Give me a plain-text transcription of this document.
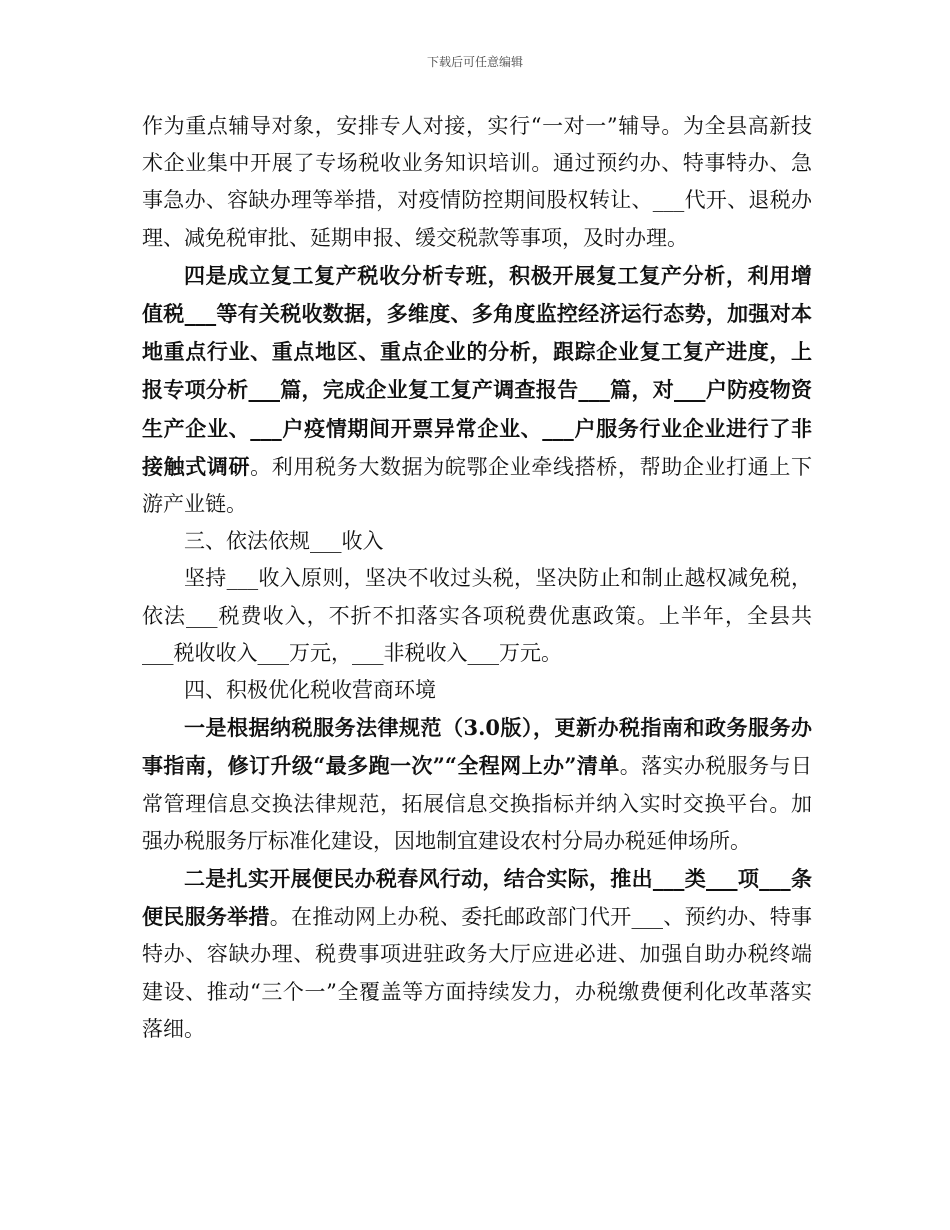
下载后可任意编辑

作为重点辅导对象，安排专人对接，实行“一对一”辅导。为全县高新技术企业集中开展了专场税收业务知识培训。通过预约办、特事特办、急事急办、容缺办理等举措，对疫情防控期间股权转让、___代开、退税办理、减免税审批、延期申报、缓交税款等事项，及时办理。

四是成立复工复产税收分析专班，积极开展复工复产分析，利用增值税___等有关税收数据，多维度、多角度监控经济运行态势，加强对本地重点行业、重点地区、重点企业的分析，跟踪企业复工复产进度，上报专项分析___篇，完成企业复工复产调查报告___篇，对___户防疫物资生产企业、___户疫情期间开票异常企业、___户服务行业企业进行了非接触式调研。利用税务大数据为皖鄂企业牵线搭桥，帮助企业打通上下游产业链。

三、依法依规___收入

坚持___收入原则，坚决不收过头税，坚决防止和制止越权减免税，依法___税费收入，不折不扣落实各项税费优惠政策。上半年，全县共___税收收入___万元，___非税收入___万元。

四、积极优化税收营商环境

一是根据纳税服务法律规范（3.0版），更新办税指南和政务服务办事指南，修订升级“最多跑一次”“全程网上办”清单。落实办税服务与日常管理信息交换法律规范，拓展信息交换指标并纳入实时交换平台。加强办税服务厅标准化建设，因地制宜建设农村分局办税延伸场所。

二是扎实开展便民办税春风行动，结合实际，推出___类___项___条便民服务举措。在推动网上办税、委托邮政部门代开___、预约办、特事特办、容缺办理、税费事项进驻政务大厅应进必进、加强自助办税终端建设、推动“三个一”全覆盖等方面持续发力，办税缴费便利化改革落实落细。
